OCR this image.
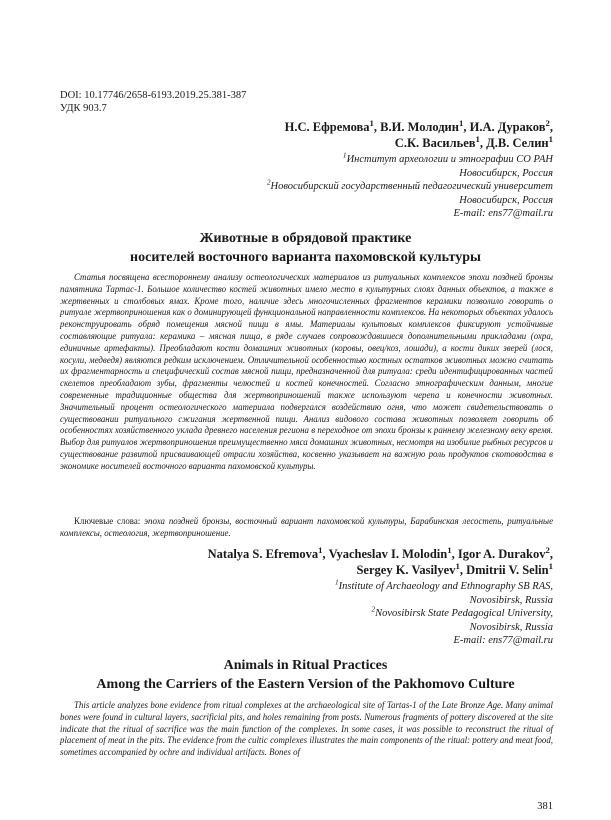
DOI: 10.17746/2658-6193.2019.25.381-387
УДК 903.7
Н.С. Ефремова$^1$, В.И. Молодин$^1$, И.А. Дураков$^2$,
С.К. Васильев$^1$, Д.В. Селин$^1$
$^1$Институт археологии и этнографии СО РАН
Новосибирск, Россия
$^2$Новосибирский государственный педагогический университет
Новосибирск, Россия
E-mail: ens77@mail.ru
Животные в обрядовой практике
носителей восточного варианта пахомовской культуры

Статья посвящена всестороннему анализу остеологических материалов из ритуальных комплексов эпохи поздней бронзы памятника Тартас-1. Большое количество костей животных имело место в культурных слоях данных объектов, а также в жертвенных и столбовых ямах. Кроме того, наличие здесь многочисленных фрагментов керамики позволило говорить о ритуале жертвоприношения как о доминирующей функциональной направленности комплексов. На некоторых объектах удалось реконструировать обряд помещения мясной пищи в ямы. Материалы культовых комплексов фиксируют устойчивые составляющие ритуала: керамика – мясная пища, в ряде случаев сопровождавшиеся дополнительными прикладами (охра, единичные артефакты). Преобладают кости домашних животных (коровы, овец/коз, лошади), а кости диких зверей (лося, косули, медведя) являются редким исключением. Отличительной особенностью костных остатков животных можно считать их фрагментарность и специфический состав мясной пищи, предназначенной для ритуала: среди идентифицированных частей скелетов преобладают зубы, фрагменты челюстей и костей конечностей. Согласно этнографическим данным, многие современные традиционные общества для жертвоприношений также используют черепа и конечности животных. Значительный процент остеологического материала подвергался воздействию огня, что может свидетельствовать о существовании ритуального сжигания жертвенной пищи. Анализ видового состава животных позволяет говорить об особенностях хозяйственного уклада древнего населения региона в переходное от эпохи бронзы к раннему железному веку время. Выбор для ритуалов жертвоприношения преимущественно мяса домашних животных, несмотря на изобилие рыбных ресурсов и существование развитой присваивающей отрасли хозяйства, косвенно указывает на важную роль продуктов скотоводства в экономике носителей восточного варианта пахомовской культуры.

Ключевые слова: эпоха поздней бронзы, восточный вариант пахомовской культуры, Барабинская лесостепь, ритуальные комплексы, остеология, жертвоприношение.
Natalya S. Efremova$^1$, Vyacheslav I. Molodin$^1$, Igor A. Durakov$^2$,
Sergey K. Vasilyev$^1$, Dmitrii V. Selin$^1$
$^1$Institute of Archaeology and Ethnography SB RAS,
Novosibirsk, Russia
$^2$Novosibirsk State Pedagogical University,
Novosibirsk, Russia
E-mail: ens77@mail.ru
Animals in Ritual Practices
Among the Carriers of the Eastern Version of the Pakhomovo Culture

This article analyzes bone evidence from ritual complexes at the archaeological site of Tartas-1 of the Late Bronze Age. Many animal bones were found in cultural layers, sacrificial pits, and holes remaining from posts. Numerous fragments of pottery discovered at the site indicate that the ritual of sacrifice was the main function of the complexes. In some cases, it was possible to reconstruct the ritual of placement of meat in the pits. The evidence from the cultic complexes illustrates the main components of the ritual: pottery and meat food, sometimes accompanied by ochre and individual artifacts. Bones of

381
